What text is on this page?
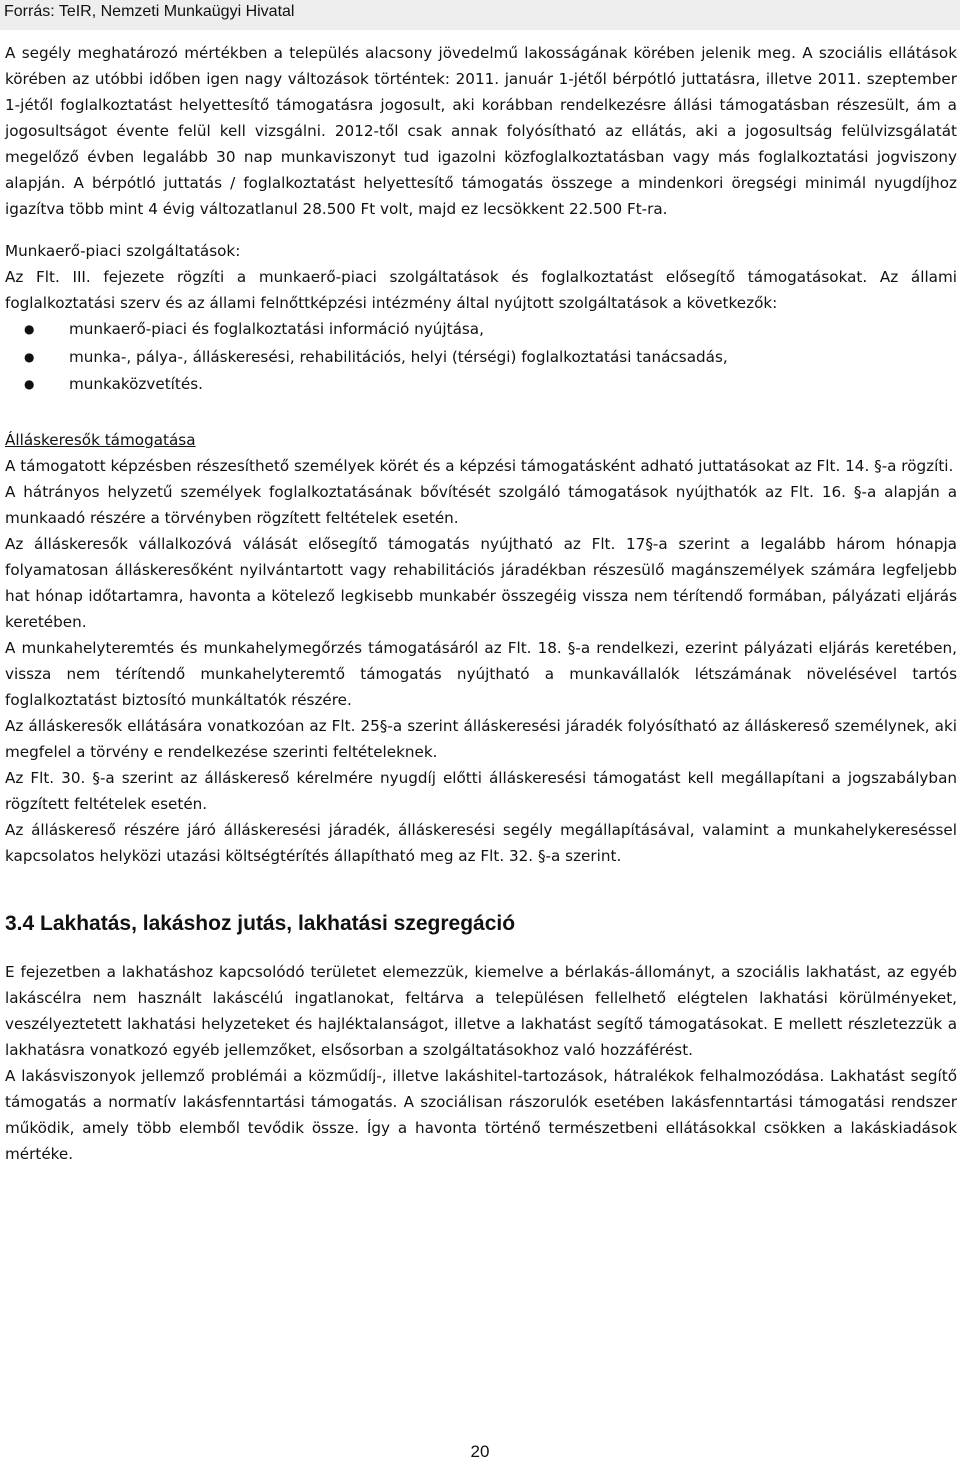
Forrás: TeIR, Nemzeti Munkaügyi Hivatal

A segély meghatározó mértékben a település alacsony jövedelmű lakosságának körében jelenik meg. A szociális ellátások körében az utóbbi időben igen nagy változások történtek: 2011. január 1-jétől bérpótló juttatásra, illetve 2011. szeptember 1-jétől foglalkoztatást helyettesítő támogatásra jogosult, aki korábban rendelkezésre állási támogatásban részesült, ám a jogosultságot évente felül kell vizsgálni. 2012-től csak annak folyósítható az ellátás, aki a jogosultság felülvizsgálatát megelőző évben legalább 30 nap munkaviszonyt tud igazolni közfoglalkoztatásban vagy más foglalkoztatási jogviszony alapján. A bérpótló juttatás / foglalkoztatást helyettesítő támogatás összege a mindenkori öregségi minimál nyugdíjhoz igazítva több mint 4 évig változatlanul 28.500 Ft volt, majd ez lecsökkent 22.500 Ft-ra.

Munkaerő-piaci szolgáltatások:

Az Flt. III. fejezete rögzíti a munkaerő-piaci szolgáltatások és foglalkoztatást elősegítő támogatásokat. Az állami foglalkoztatási szerv és az állami felnőttképzési intézmény által nyújtott szolgáltatások a következők:

● munkaerő-piaci és foglalkoztatási információ nyújtása,
● munka-, pálya-, álláskeresési, rehabilitációs, helyi (térségi) foglalkoztatási tanácsadás,
● munkaközvetítés.

Álláskeresők támogatása

A támogatott képzésben részesíthető személyek körét és a képzési támogatásként adható juttatásokat az Flt. 14. §-a rögzíti.

A hátrányos helyzetű személyek foglalkoztatásának bővítését szolgáló támogatások nyújthatók az Flt. 16. §-a alapján a munkaadó részére a törvényben rögzített feltételek esetén.

Az álláskeresők vállalkozóvá válását elősegítő támogatás nyújtható az Flt. 17§-a szerint a legalább három hónapja folyamatosan álláskeresőként nyilvántartott vagy rehabilitációs járadékban részesülő magánszemélyek számára legfeljebb hat hónap időtartamra, havonta a kötelező legkisebb munkabér összegéig vissza nem térítendő formában, pályázati eljárás keretében.

A munkahelyteremtés és munkahelymegőrzés támogatásáról az Flt. 18. §-a rendelkezi, ezerint pályázati eljárás keretében, vissza nem térítendő munkahelyteremtő támogatás nyújtható a munkavállalók létszámának növelésével tartós foglalkoztatást biztosító munkáltatók részére.

Az álláskeresők ellátására vonatkozóan az Flt. 25§-a szerint álláskeresési járadék folyósítható az álláskereső személynek, aki megfelel a törvény e rendelkezése szerinti feltételeknek.

Az Flt. 30. §-a szerint az álláskereső kérelmére nyugdíj előtti álláskeresési támogatást kell megállapítani a jogszabályban rögzített feltételek esetén.

Az álláskereső részére járó álláskeresési járadék, álláskeresési segély megállapításával, valamint a munkahelykereséssel kapcsolatos helyközi utazási költségtérítés állapítható meg az Flt. 32. §-a szerint.

3.4 Lakhatás, lakáshoz jutás, lakhatási szegregáció

E fejezetben a lakhatáshoz kapcsolódó területet elemezzük, kiemelve a bérlakás-állományt, a szociális lakhatást, az egyéb lakáscélra nem használt lakáscélú ingatlanokat, feltárva a településen fellelhető elégtelen lakhatási körülményeket, veszélyeztetett lakhatási helyzeteket és hajléktalanságot, illetve a lakhatást segítő támogatásokat. E mellett részletezzük a lakhatásra vonatkozó egyéb jellemzőket, elsősorban a szolgáltatásokhoz való hozzáférést.

A lakásviszonyok jellemző problémái a közműdíj-, illetve lakáshitel-tartozások, hátralékok felhalmozódása. Lakhatást segítő támogatás a normatív lakásfenntartási támogatás. A szociálisan rászorulók esetében lakásfenntartási támogatási rendszer működik, amely több elemből tevődik össze. Így a havonta történő természetbeni ellátásokkal csökken a lakáskiadások mértéke.

20
